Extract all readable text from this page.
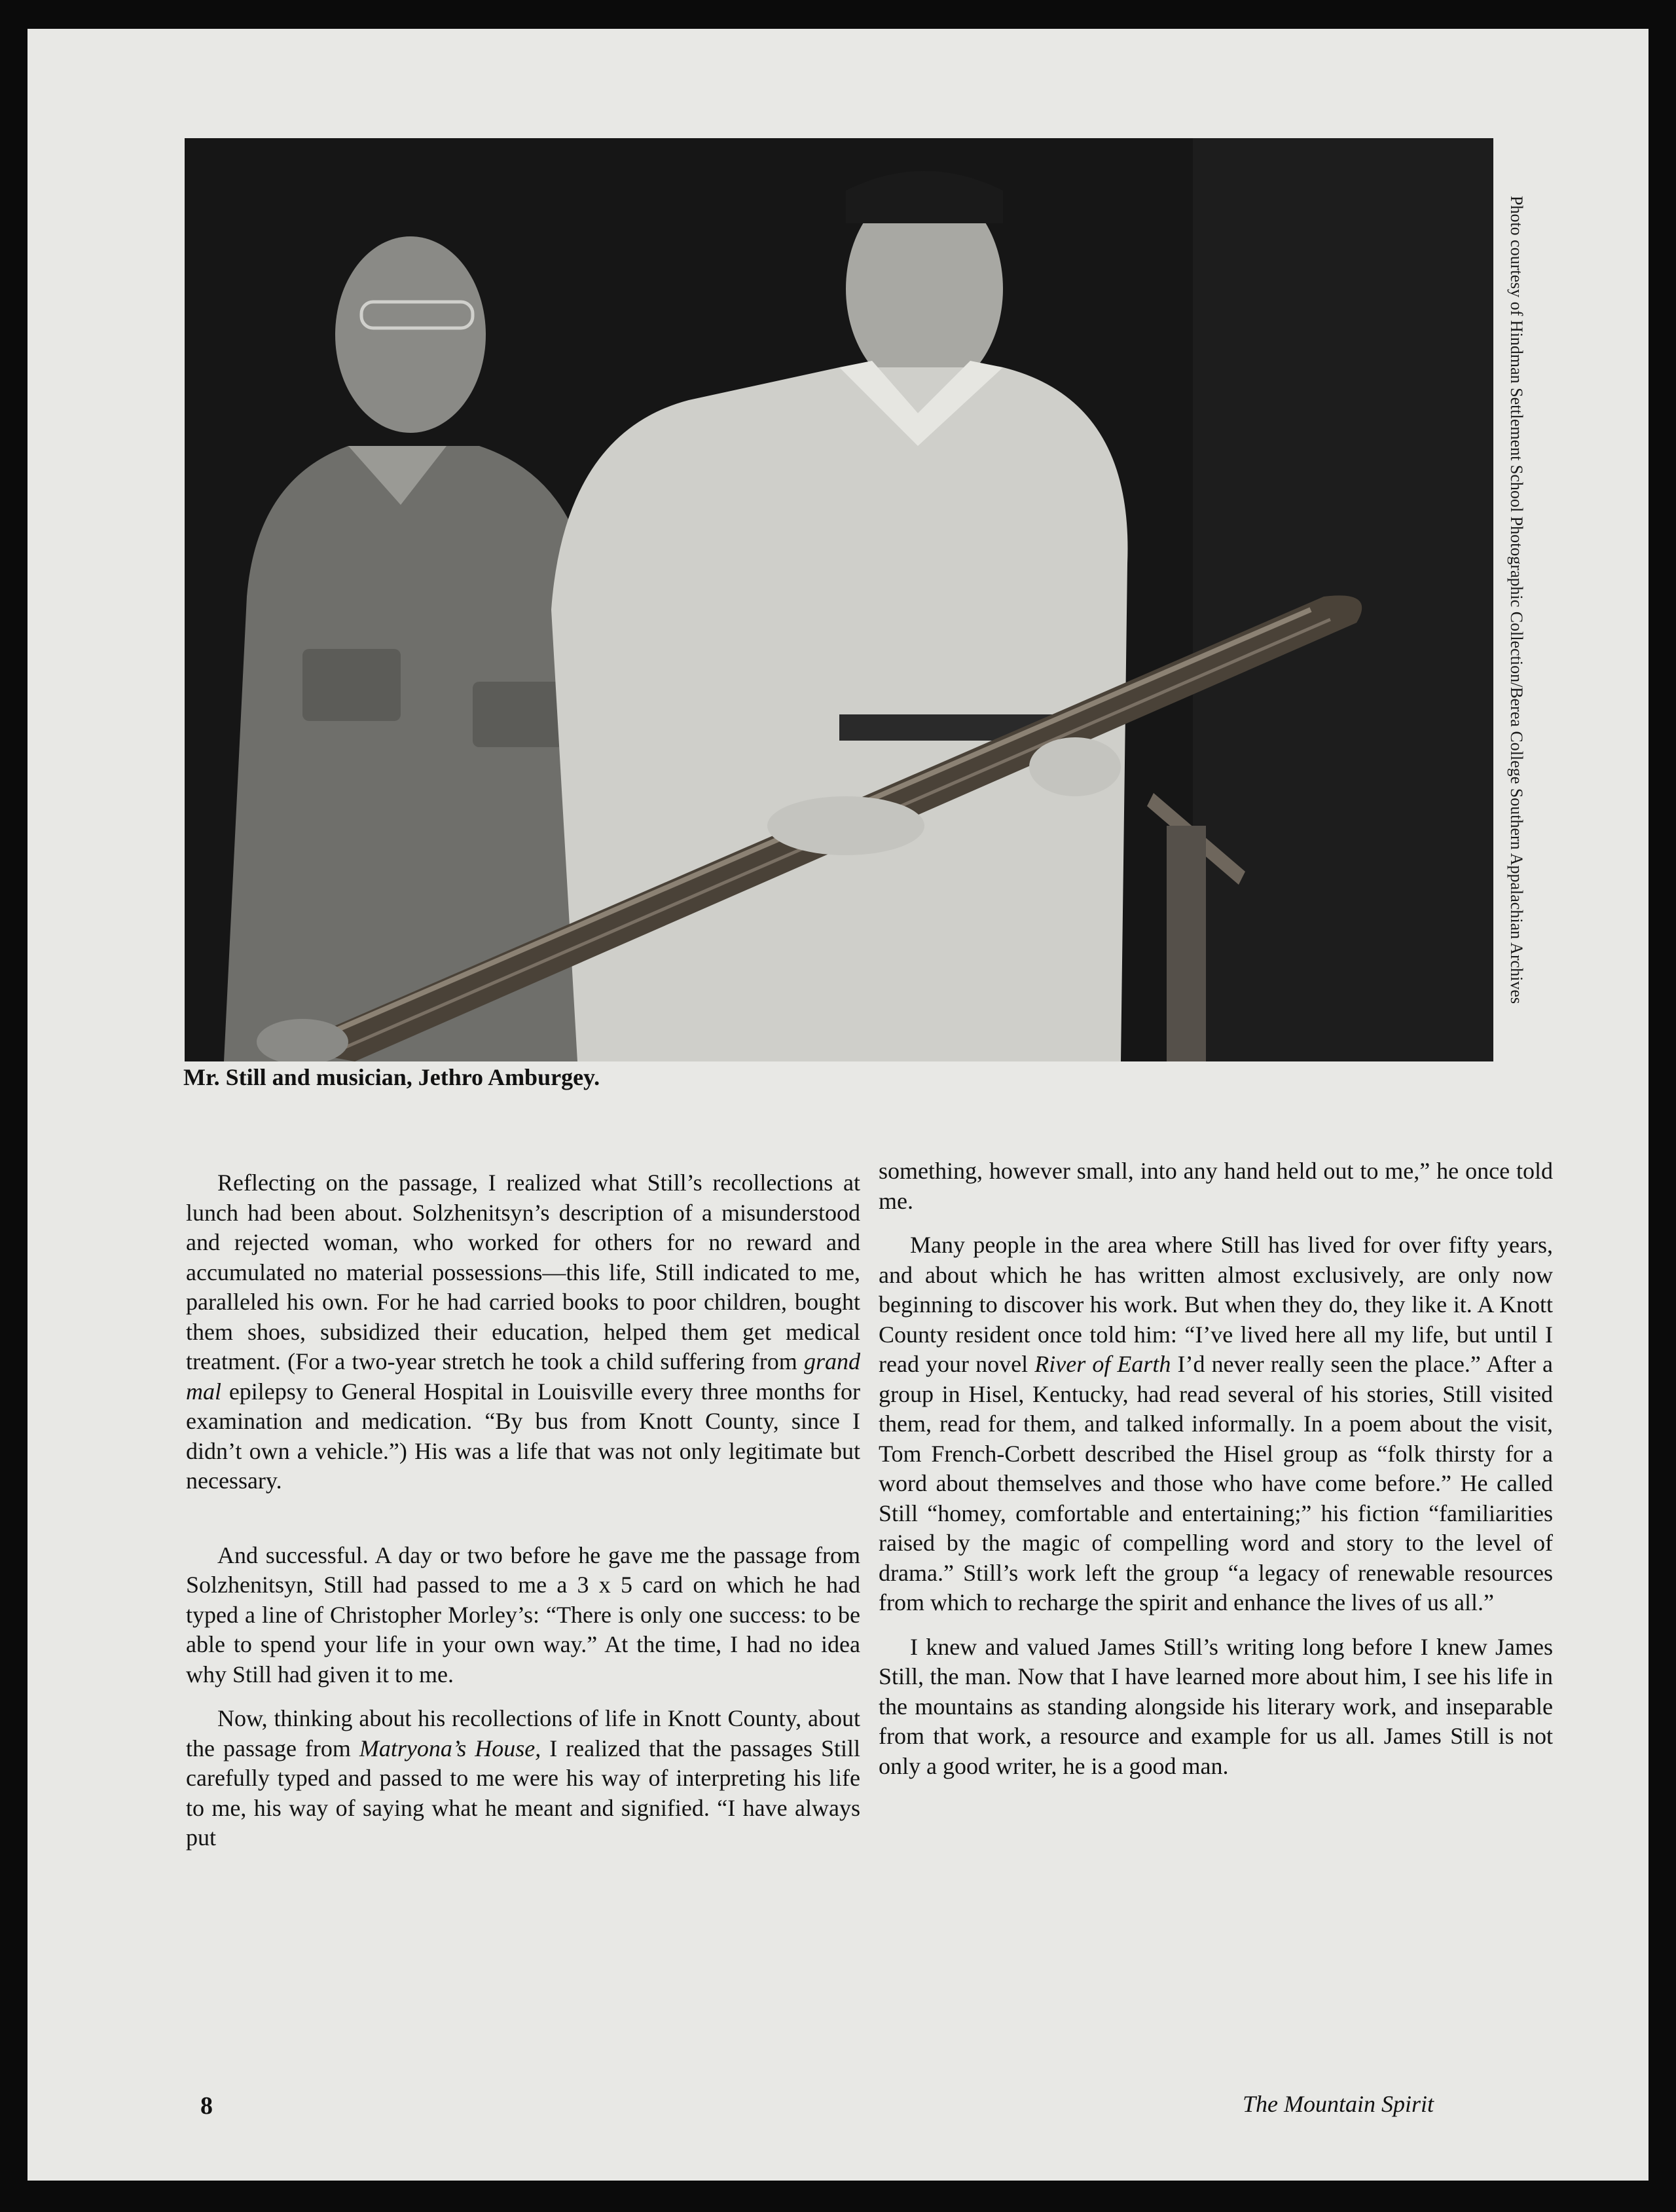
Photo courtesy of Hindman Settlement School Photographic Collection/Berea College Southern Appalachian Archives
Mr. Still and musician, Jethro Amburgey.

Reflecting on the passage, I realized what Still’s recollections at lunch had been about. Solzhenitsyn’s description of a misunderstood and rejected woman, who worked for others for no reward and accumulated no material possessions—this life, Still indicated to me, paralleled his own. For he had carried books to poor children, bought them shoes, subsidized their education, helped them get medical treatment. (For a two-year stretch he took a child suffering from grand mal epilepsy to General Hospital in Louisville every three months for examination and medication. “By bus from Knott County, since I didn’t own a vehicle.”) His was a life that was not only legitimate but necessary.

And successful. A day or two before he gave me the passage from Solzhenitsyn, Still had passed to me a 3 x 5 card on which he had typed a line of Christopher Morley’s: “There is only one success: to be able to spend your life in your own way.” At the time, I had no idea why Still had given it to me.

Now, thinking about his recollections of life in Knott County, about the passage from Matryona’s House, I realized that the passages Still carefully typed and passed to me were his way of interpreting his life to me, his way of saying what he meant and signified. “I have always put

something, however small, into any hand held out to me,” he once told me.

Many people in the area where Still has lived for over fifty years, and about which he has written almost exclusively, are only now beginning to discover his work. But when they do, they like it. A Knott County resident once told him: “I’ve lived here all my life, but until I read your novel River of Earth I’d never really seen the place.” After a group in Hisel, Kentucky, had read several of his stories, Still visited them, read for them, and talked informally. In a poem about the visit, Tom French-Corbett described the Hisel group as “folk thirsty for a word about themselves and those who have come before.” He called Still “homey, comfortable and entertaining;” his fiction “familiarities raised by the magic of compelling word and story to the level of drama.” Still’s work left the group “a legacy of renewable resources from which to recharge the spirit and enhance the lives of us all.”

I knew and valued James Still’s writing long before I knew James Still, the man. Now that I have learned more about him, I see his life in the mountains as standing alongside his literary work, and inseparable from that work, a resource and example for us all. James Still is not only a good writer, he is a good man.

8	The Mountain Spirit
